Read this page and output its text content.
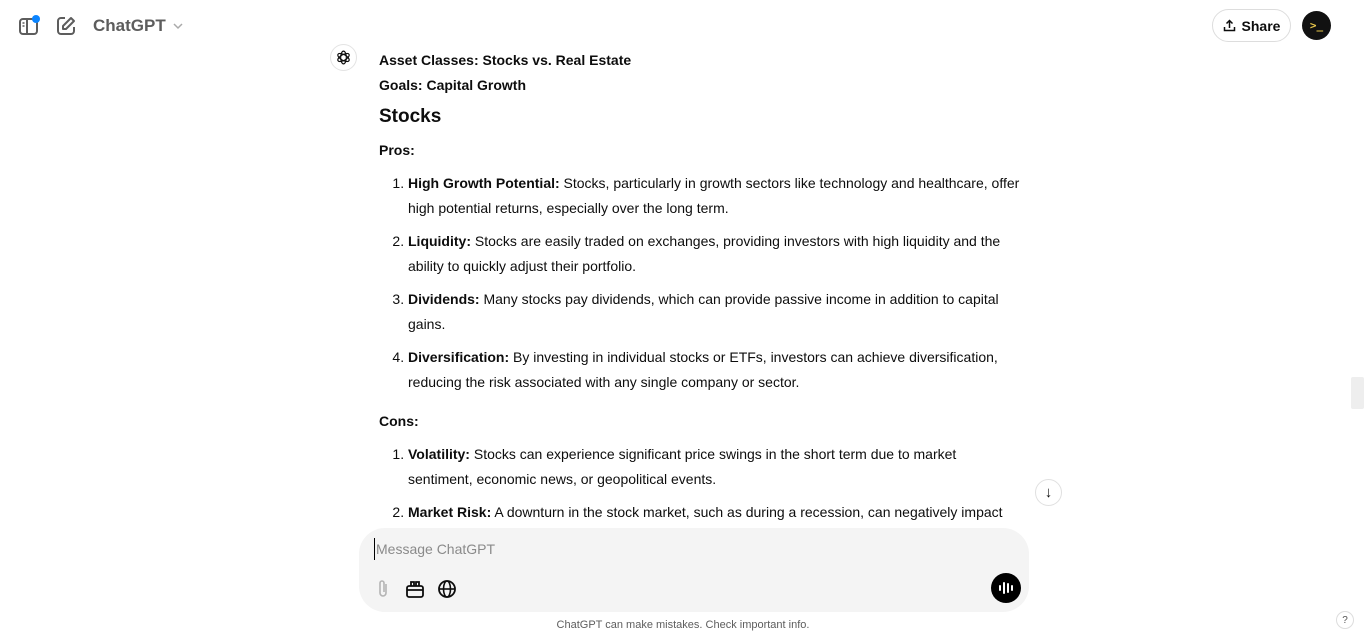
ChatGPT	Share	>_
Asset Classes: Stocks vs. Real Estate
Goals: Capital Growth
Stocks
Pros:
1. High Growth Potential: Stocks, particularly in growth sectors like technology and healthcare, offer high potential returns, especially over the long term.
2. Liquidity: Stocks are easily traded on exchanges, providing investors with high liquidity and the ability to quickly adjust their portfolio.
3. Dividends: Many stocks pay dividends, which can provide passive income in addition to capital gains.
4. Diversification: By investing in individual stocks or ETFs, investors can achieve diversification, reducing the risk associated with any single company or sector.
Cons:
1. Volatility: Stocks can experience significant price swings in the short term due to market sentiment, economic news, or geopolitical events.
2. Market Risk: A downturn in the stock market, such as during a recession, can negatively impact
↓
Message ChatGPT
ChatGPT can make mistakes. Check important info.	?
